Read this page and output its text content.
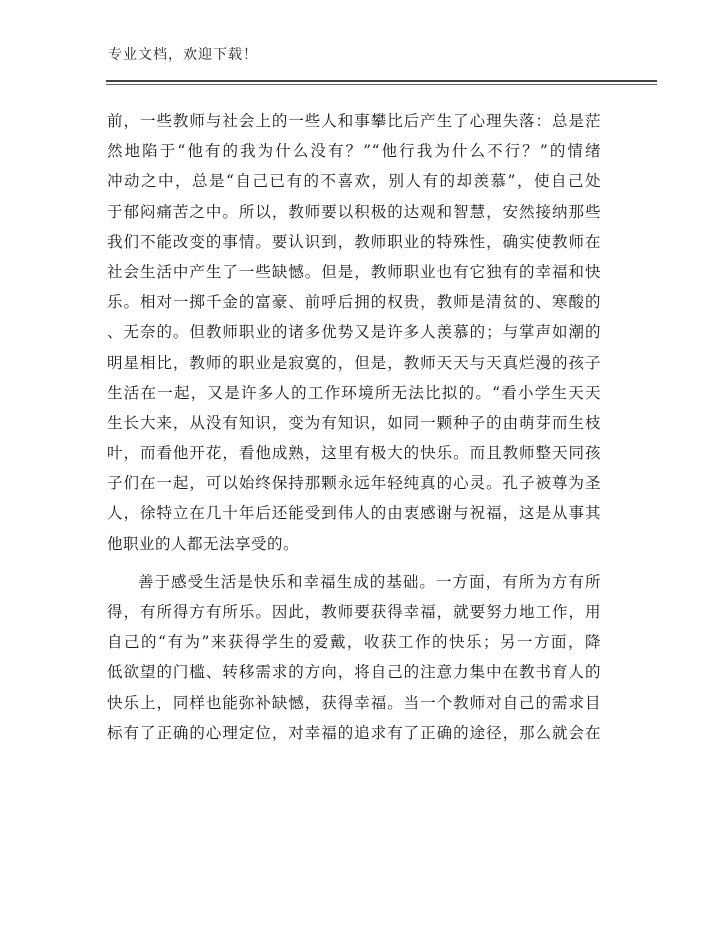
专业文档，欢迎下载！
前，一些教师与社会上的一些人和事攀比后产生了心理失落：总是茫
然地陷于“他有的我为什么没有？”“他行我为什么不行？”的情绪
冲动之中，总是“自己已有的不喜欢，别人有的却羡慕”，使自己处
于郁闷痛苦之中。所以，教师要以积极的达观和智慧，安然接纳那些
我们不能改变的事情。要认识到，教师职业的特殊性，确实使教师在
社会生活中产生了一些缺憾。但是，教师职业也有它独有的幸福和快
乐。相对一掷千金的富豪、前呼后拥的权贵，教师是清贫的、寒酸的
、无奈的。但教师职业的诸多优势又是许多人羡慕的；与掌声如潮的
明星相比，教师的职业是寂寞的，但是，教师天天与天真烂漫的孩子
生活在一起，又是许多人的工作环境所无法比拟的。“看小学生天天
生长大来，从没有知识，变为有知识，如同一颗种子的由萌芽而生枝
叶，而看他开花，看他成熟，这里有极大的快乐。而且教师整天同孩
子们在一起，可以始终保持那颗永远年轻纯真的心灵。孔子被尊为圣
人，徐特立在几十年后还能受到伟人的由衷感谢与祝福，这是从事其
他职业的人都无法享受的。
善于感受生活是快乐和幸福生成的基础。一方面，有所为方有所
得，有所得方有所乐。因此，教师要获得幸福，就要努力地工作，用
自己的“有为”来获得学生的爱戴，收获工作的快乐；另一方面，降
低欲望的门槛、转移需求的方向，将自己的注意力集中在教书育人的
快乐上，同样也能弥补缺憾，获得幸福。当一个教师对自己的需求目
标有了正确的心理定位，对幸福的追求有了正确的途径，那么就会在
